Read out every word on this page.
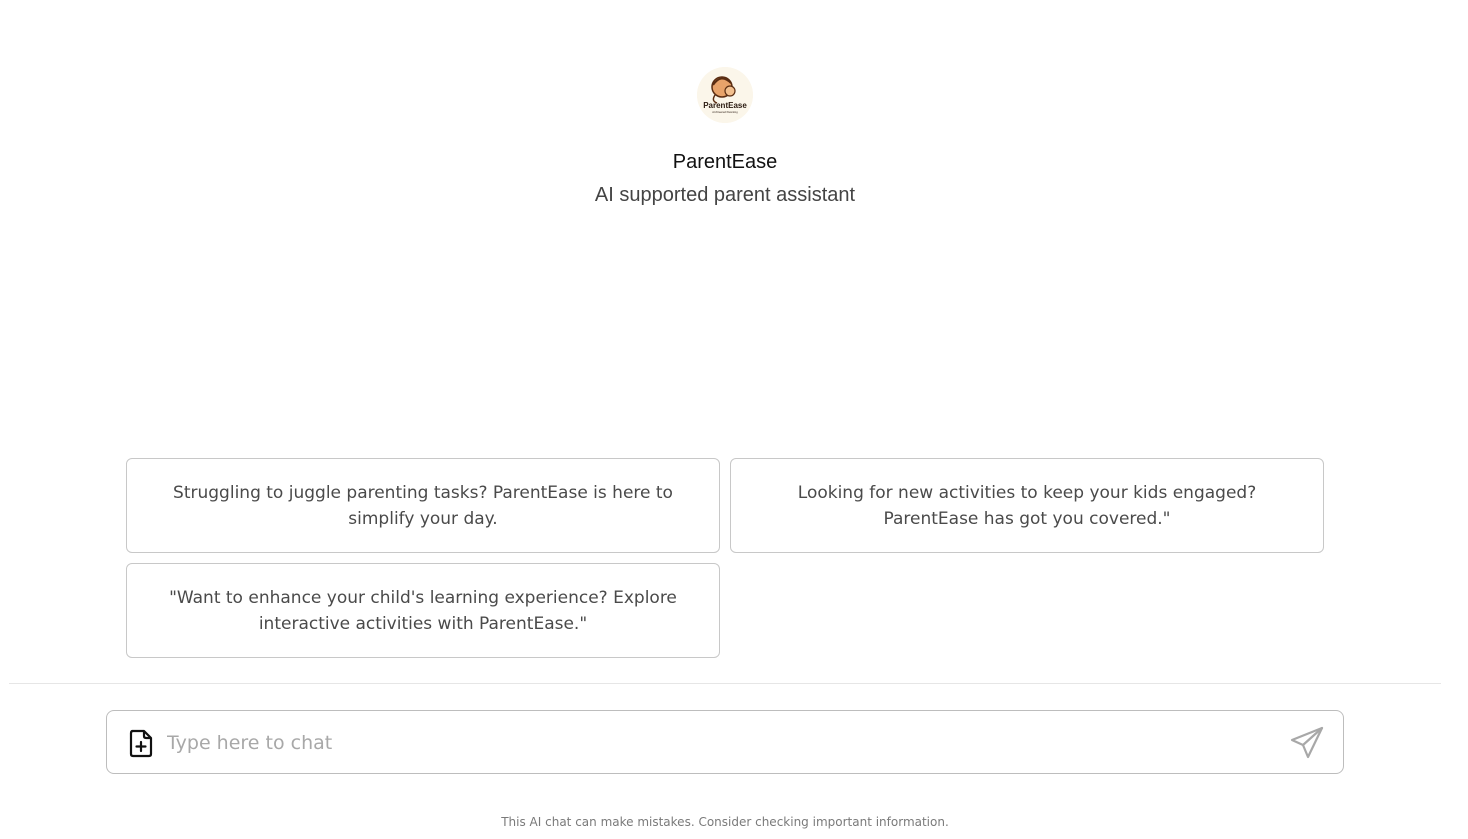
ParentEase
AI-Powered Parenting
ParentEase
AI supported parent assistant
Struggling to juggle parenting tasks? ParentEase is here to simplify your day.
Looking for new activities to keep your kids engaged? ParentEase has got you covered."
"Want to enhance your child's learning experience? Explore interactive activities with ParentEase."
Type here to chat
This AI chat can make mistakes. Consider checking important information.
